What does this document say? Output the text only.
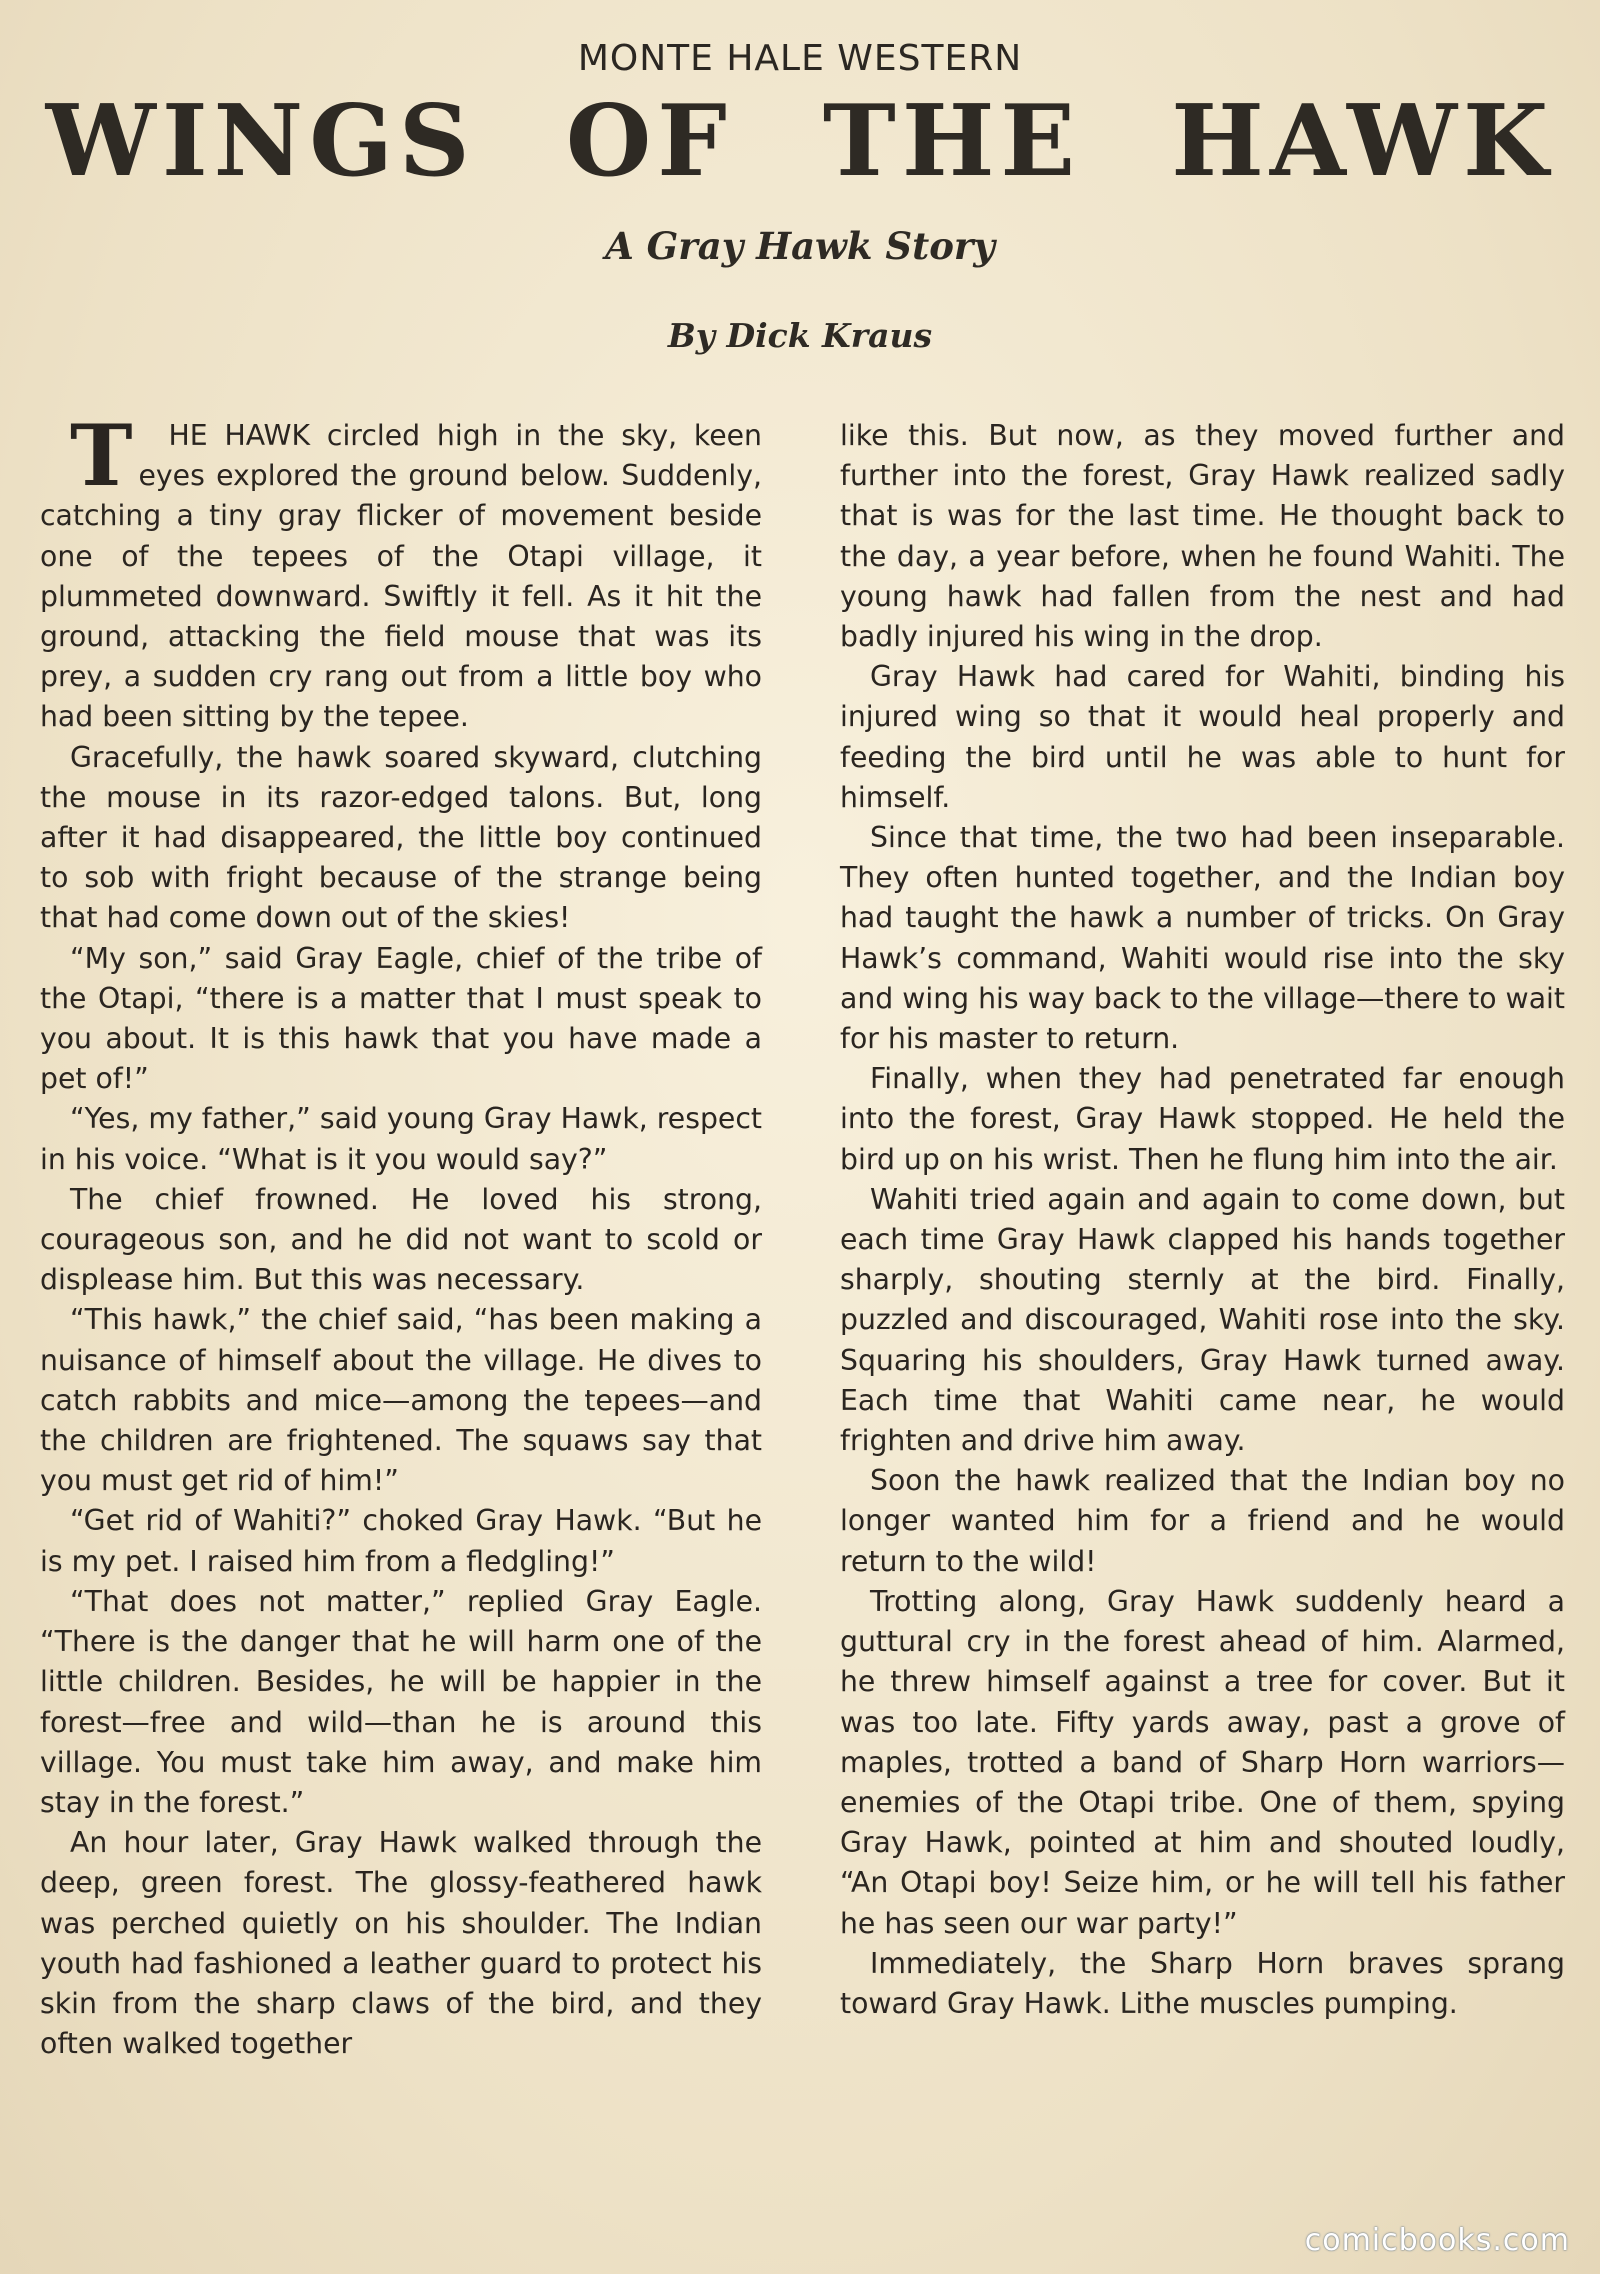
MONTE HALE WESTERN
WINGS OF THE HAWK
A Gray Hawk Story
By Dick Kraus

T HE HAWK circled high in the sky, keen eyes explored the ground below. Suddenly, catching a tiny gray flicker of movement beside one of the tepees of the Otapi village, it plummeted downward. Swiftly it fell. As it hit the ground, attacking the field mouse that was its prey, a sudden cry rang out from a little boy who had been sitting by the tepee.

Gracefully, the hawk soared skyward, clutching the mouse in its razor-edged talons. But, long after it had disappeared, the little boy continued to sob with fright because of the strange being that had come down out of the skies!

“My son,” said Gray Eagle, chief of the tribe of the Otapi, “there is a matter that I must speak to you about. It is this hawk that you have made a pet of!”

“Yes, my father,” said young Gray Hawk, respect in his voice. “What is it you would say?”

The chief frowned. He loved his strong, courageous son, and he did not want to scold or displease him. But this was necessary.

“This hawk,” the chief said, “has been making a nuisance of himself about the village. He dives to catch rabbits and mice—among the tepees—and the children are frightened. The squaws say that you must get rid of him!”

“Get rid of Wahiti?” choked Gray Hawk. “But he is my pet. I raised him from a fledgling!”

“That does not matter,” replied Gray Eagle. “There is the danger that he will harm one of the little children. Besides, he will be happier in the forest—free and wild—than he is around this village. You must take him away, and make him stay in the forest.”

An hour later, Gray Hawk walked through the deep, green forest. The glossy-feathered hawk was perched quietly on his shoulder. The Indian youth had fashioned a leather guard to protect his skin from the sharp claws of the bird, and they often walked together

like this. But now, as they moved further and further into the forest, Gray Hawk realized sadly that is was for the last time. He thought back to the day, a year before, when he found Wahiti. The young hawk had fallen from the nest and had badly injured his wing in the drop.

Gray Hawk had cared for Wahiti, binding his injured wing so that it would heal properly and feeding the bird until he was able to hunt for himself.

Since that time, the two had been inseparable. They often hunted together, and the Indian boy had taught the hawk a number of tricks. On Gray Hawk’s command, Wahiti would rise into the sky and wing his way back to the village—there to wait for his master to return.

Finally, when they had penetrated far enough into the forest, Gray Hawk stopped. He held the bird up on his wrist. Then he flung him into the air.

Wahiti tried again and again to come down, but each time Gray Hawk clapped his hands together sharply, shouting sternly at the bird. Finally, puzzled and discouraged, Wahiti rose into the sky. Squaring his shoulders, Gray Hawk turned away. Each time that Wahiti came near, he would frighten and drive him away.

Soon the hawk realized that the Indian boy no longer wanted him for a friend and he would return to the wild!

Trotting along, Gray Hawk suddenly heard a guttural cry in the forest ahead of him. Alarmed, he threw himself against a tree for cover. But it was too late. Fifty yards away, past a grove of maples, trotted a band of Sharp Horn warriors—enemies of the Otapi tribe. One of them, spying Gray Hawk, pointed at him and shouted loudly, “An Otapi boy! Seize him, or he will tell his father he has seen our war party!”

Immediately, the Sharp Horn braves sprang toward Gray Hawk. Lithe muscles pumping.

comicbooks.com
